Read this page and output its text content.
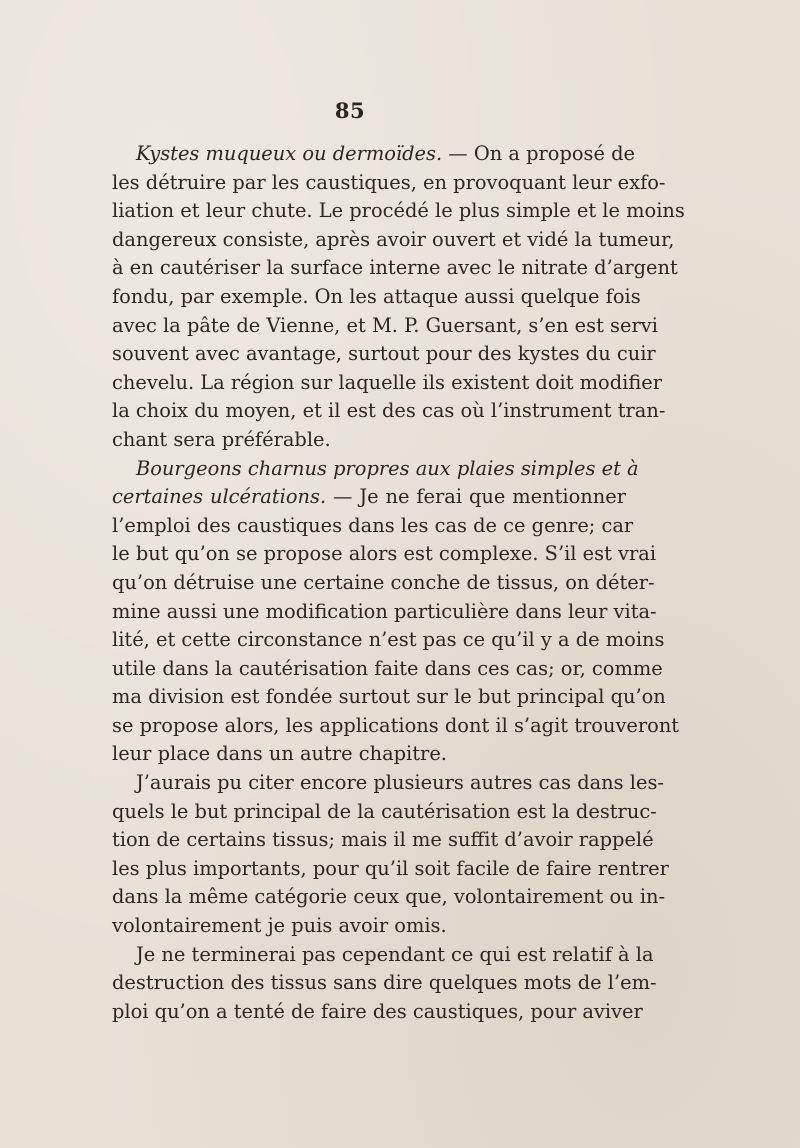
85
Kystes muqueux ou dermoïdes. — On a proposé de
les détruire par les caustiques, en provoquant leur exfo-
liation et leur chute. Le procédé le plus simple et le moins
dangereux consiste, après avoir ouvert et vidé la tumeur,
à en cautériser la surface interne avec le nitrate d’argent
fondu, par exemple. On les attaque aussi quelque fois
avec la pâte de Vienne, et M. P. Guersant, s’en est servi
souvent avec avantage, surtout pour des kystes du cuir
chevelu. La région sur laquelle ils existent doit modifier
la choix du moyen, et il est des cas où l’instrument tran-
chant sera préférable.
Bourgeons charnus propres aux plaies simples et à
certaines ulcérations. — Je ne ferai que mentionner
l’emploi des caustiques dans les cas de ce genre; car
le but qu’on se propose alors est complexe. S’il est vrai
qu’on détruise une certaine conche de tissus, on déter-
mine aussi une modification particulière dans leur vita-
lité, et cette circonstance n’est pas ce qu’il y a de moins
utile dans la cautérisation faite dans ces cas; or, comme
ma division est fondée surtout sur le but principal qu’on
se propose alors, les applications dont il s’agit trouveront
leur place dans un autre chapitre.
J’aurais pu citer encore plusieurs autres cas dans les-
quels le but principal de la cautérisation est la destruc-
tion de certains tissus; mais il me suffit d’avoir rappelé
les plus importants, pour qu’il soit facile de faire rentrer
dans la même catégorie ceux que, volontairement ou in-
volontairement je puis avoir omis.
Je ne terminerai pas cependant ce qui est relatif à la
destruction des tissus sans dire quelques mots de l’em-
ploi qu’on a tenté de faire des caustiques, pour aviver
